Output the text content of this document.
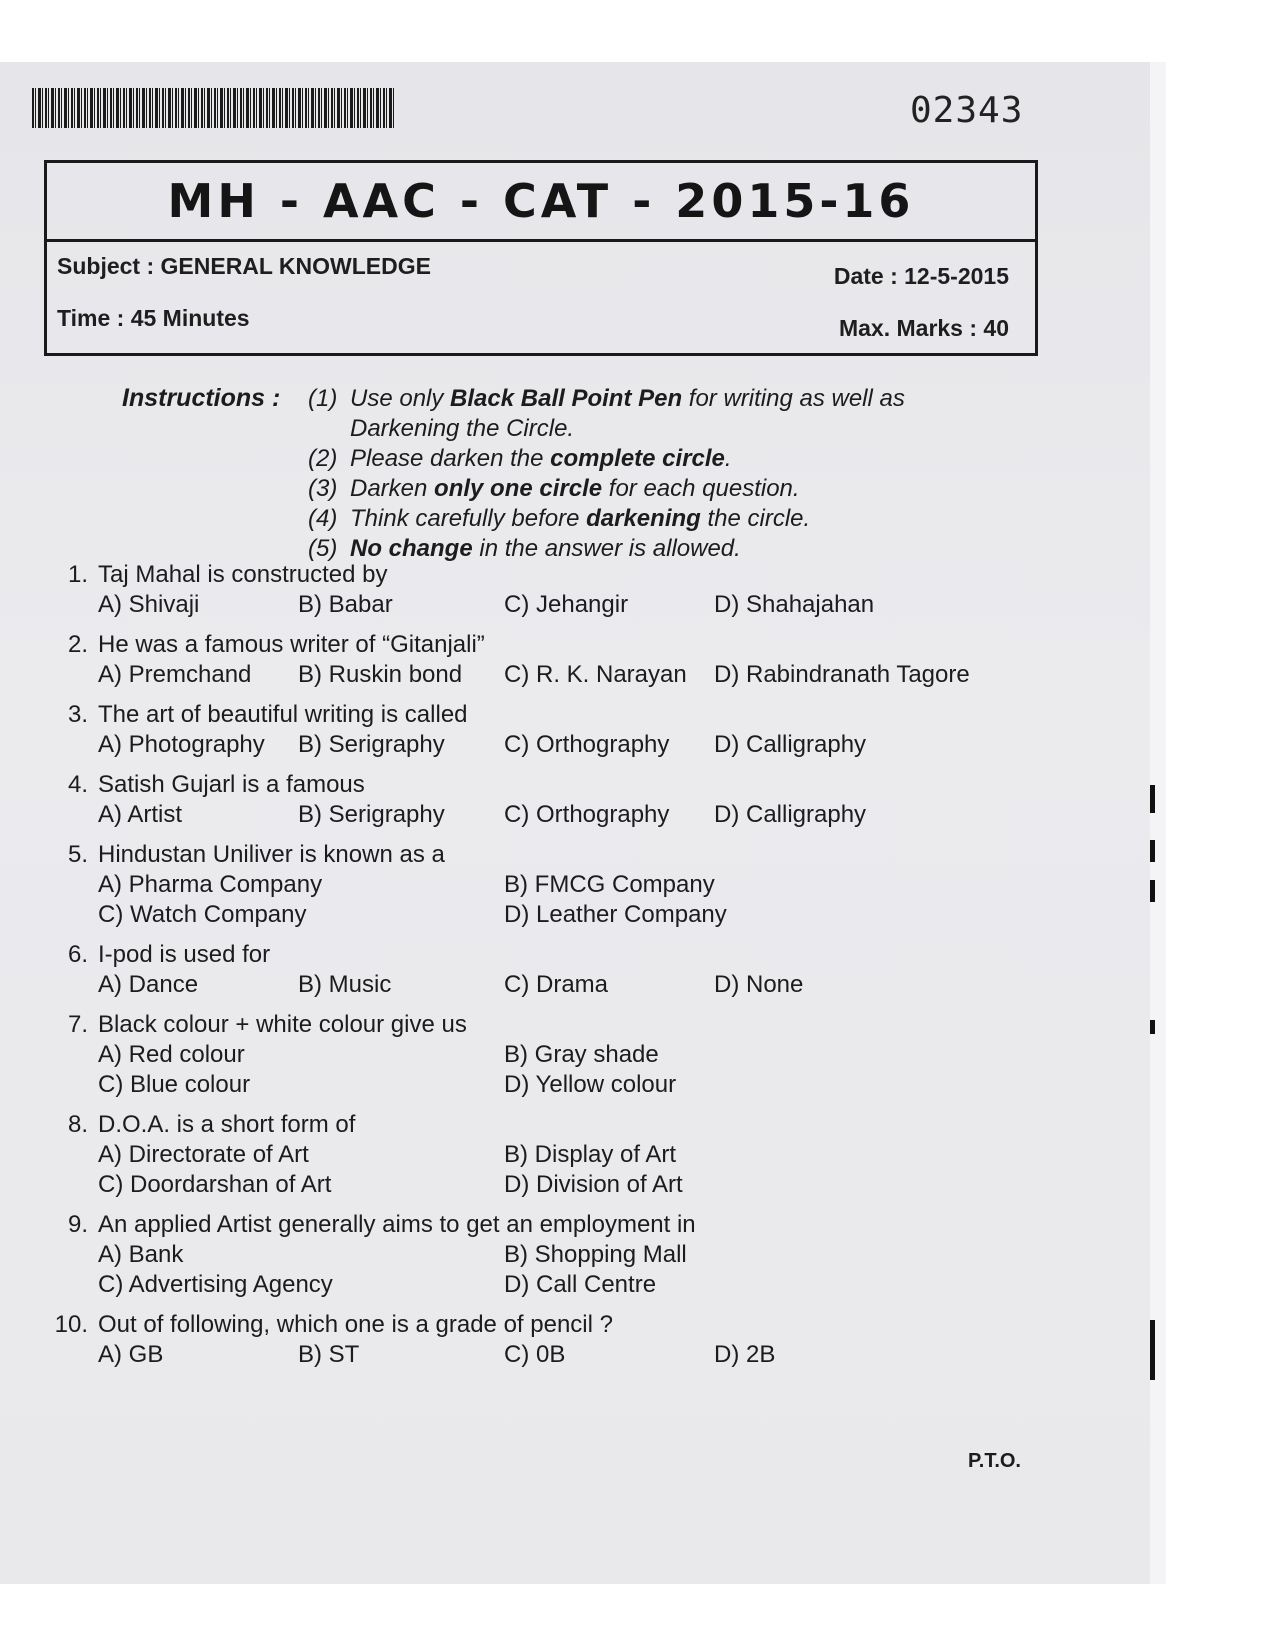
02343
MH - AAC - CAT - 2015-16
Subject : GENERAL KNOWLEDGE	Date : 12-5-2015
Time : 45 Minutes	Max. Marks : 40
Instructions : (1) Use only Black Ball Point Pen for writing as well as Darkening the Circle.
(2) Please darken the complete circle.
(3) Darken only one circle for each question.
(4) Think carefully before darkening the circle.
(5) No change in the answer is allowed.
1. Taj Mahal is constructed by
A) Shivaji	B) Babar	C) Jehangir	D) Shahajahan
2. He was a famous writer of “Gitanjali”
A) Premchand	B) Ruskin bond	C) R. K. Narayan	D) Rabindranath Tagore
3. The art of beautiful writing is called
A) Photography	B) Serigraphy	C) Orthography	D) Calligraphy
4. Satish Gujarl is a famous
A) Artist	B) Serigraphy	C) Orthography	D) Calligraphy
5. Hindustan Uniliver is known as a
A) Pharma Company	B) FMCG Company
C) Watch Company	D) Leather Company
6. I-pod is used for
A) Dance	B) Music	C) Drama	D) None
7. Black colour + white colour give us
A) Red colour	B) Gray shade
C) Blue colour	D) Yellow colour
8. D.O.A. is a short form of
A) Directorate of Art	B) Display of Art
C) Doordarshan of Art	D) Division of Art
9. An applied Artist generally aims to get an employment in
A) Bank	B) Shopping Mall
C) Advertising Agency	D) Call Centre
10. Out of following, which one is a grade of pencil ?
A) GB	B) ST	C) 0B	D) 2B
P.T.O.
